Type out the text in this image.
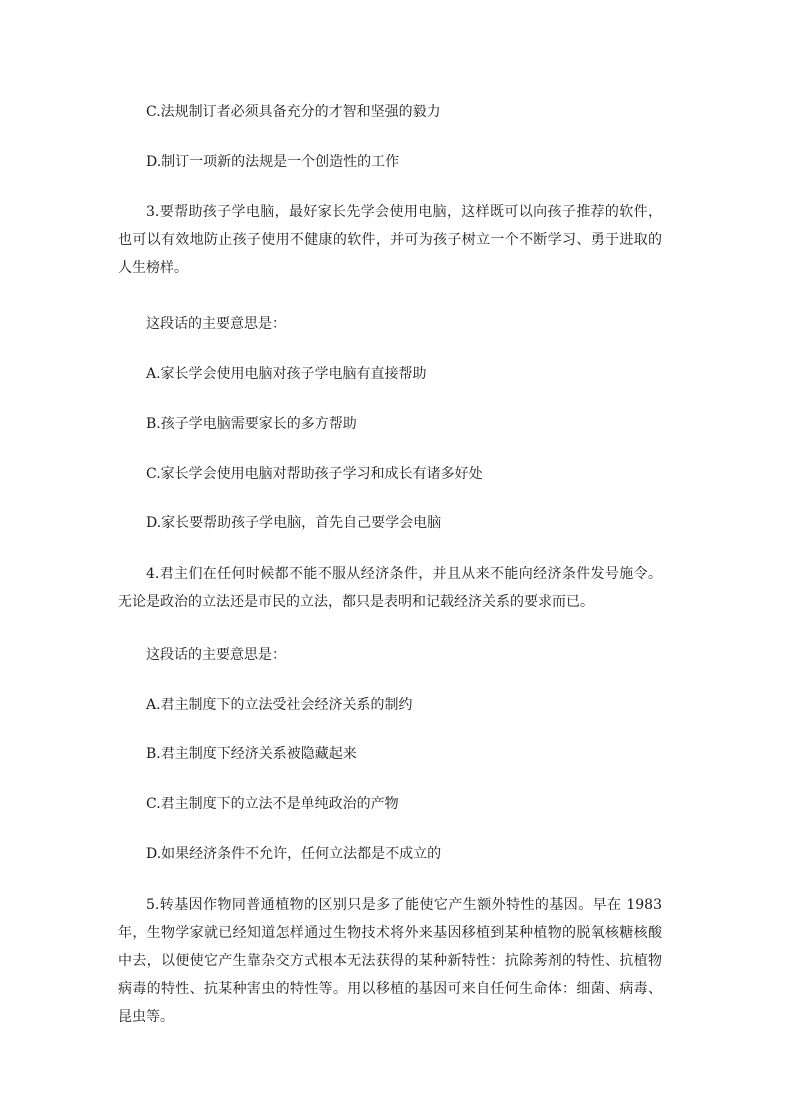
C.法规制订者必须具备充分的才智和坚强的毅力

D.制订一项新的法规是一个创造性的工作

3.要帮助孩子学电脑，最好家长先学会使用电脑，这样既可以向孩子推荐的软件，也可以有效地防止孩子使用不健康的软件，并可为孩子树立一个不断学习、勇于进取的人生榜样。

这段话的主要意思是：

A.家长学会使用电脑对孩子学电脑有直接帮助

B.孩子学电脑需要家长的多方帮助

C.家长学会使用电脑对帮助孩子学习和成长有诸多好处

D.家长要帮助孩子学电脑，首先自己要学会电脑

4.君主们在任何时候都不能不服从经济条件，并且从来不能向经济条件发号施令。无论是政治的立法还是市民的立法，都只是表明和记载经济关系的要求而已。

这段话的主要意思是：

A.君主制度下的立法受社会经济关系的制约

B.君主制度下经济关系被隐藏起来

C.君主制度下的立法不是单纯政治的产物

D.如果经济条件不允许，任何立法都是不成立的

5.转基因作物同普通植物的区别只是多了能使它产生额外特性的基因。早在 1983 年，生物学家就已经知道怎样通过生物技术将外来基因移植到某种植物的脱氧核糖核酸中去，以便使它产生靠杂交方式根本无法获得的某种新特性：抗除莠剂的特性、抗植物病毒的特性、抗某种害虫的特性等。用以移植的基因可来自任何生命体：细菌、病毒、昆虫等。
